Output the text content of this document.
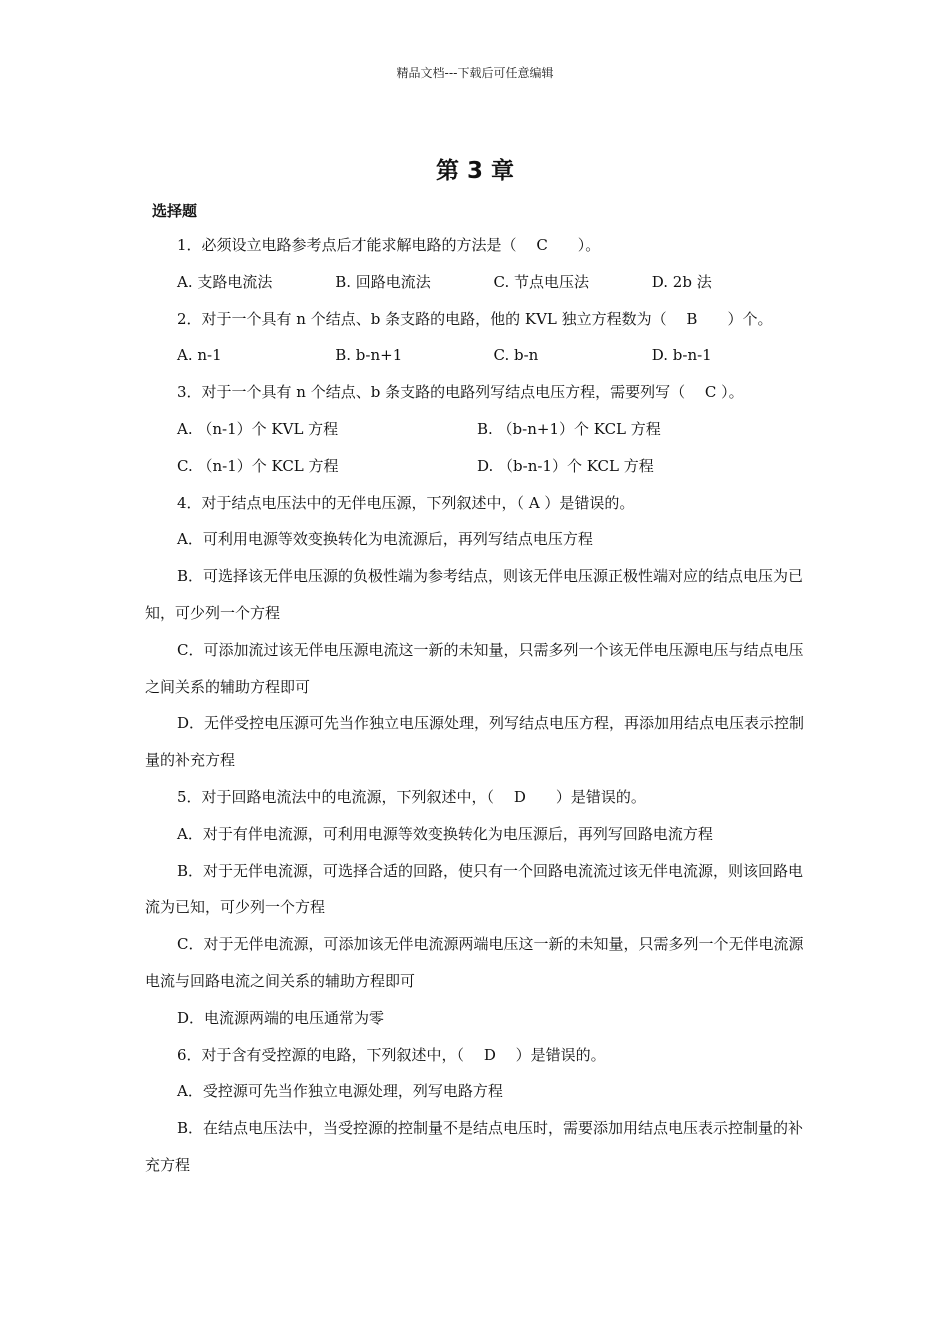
精品文档---下载后可任意编辑
第 3 章
选择题

1．必须设立电路参考点后才能求解电路的方法是（　 C　　）。

A. 支路电流法	B. 回路电流法	C. 节点电压法	D. 2b 法

2．对于一个具有 n 个结点、b 条支路的电路，他的 KVL 独立方程数为（　 B　　）个。

A. n-1	B. b-n+1	C. b-n	D. b-n-1

3．对于一个具有 n 个结点、b 条支路的电路列写结点电压方程，需要列写（　 C ）。

A. （n-1）个 KVL 方程	B. （b-n+1）个 KCL 方程
C. （n-1）个 KCL 方程	D. （b-n-1）个 KCL 方程

4．对于结点电压法中的无伴电压源，下列叙述中，（ A ）是错误的。

A．可利用电源等效变换转化为电流源后，再列写结点电压方程

B．可选择该无伴电压源的负极性端为参考结点，则该无伴电压源正极性端对应的结点电压为已知，可少列一个方程

C．可添加流过该无伴电压源电流这一新的未知量，只需多列一个该无伴电压源电压与结点电压之间关系的辅助方程即可

D．无伴受控电压源可先当作独立电压源处理，列写结点电压方程，再添加用结点电压表示控制量的补充方程

5．对于回路电流法中的电流源，下列叙述中，（　 D　　）是错误的。

A．对于有伴电流源，可利用电源等效变换转化为电压源后，再列写回路电流方程

B．对于无伴电流源，可选择合适的回路，使只有一个回路电流流过该无伴电流源，则该回路电流为已知，可少列一个方程

C．对于无伴电流源，可添加该无伴电流源两端电压这一新的未知量，只需多列一个无伴电流源电流与回路电流之间关系的辅助方程即可

D．电流源两端的电压通常为零

6．对于含有受控源的电路，下列叙述中，（　 D　 ）是错误的。

A．受控源可先当作独立电源处理，列写电路方程

B．在结点电压法中，当受控源的控制量不是结点电压时，需要添加用结点电压表示控制量的补充方程
